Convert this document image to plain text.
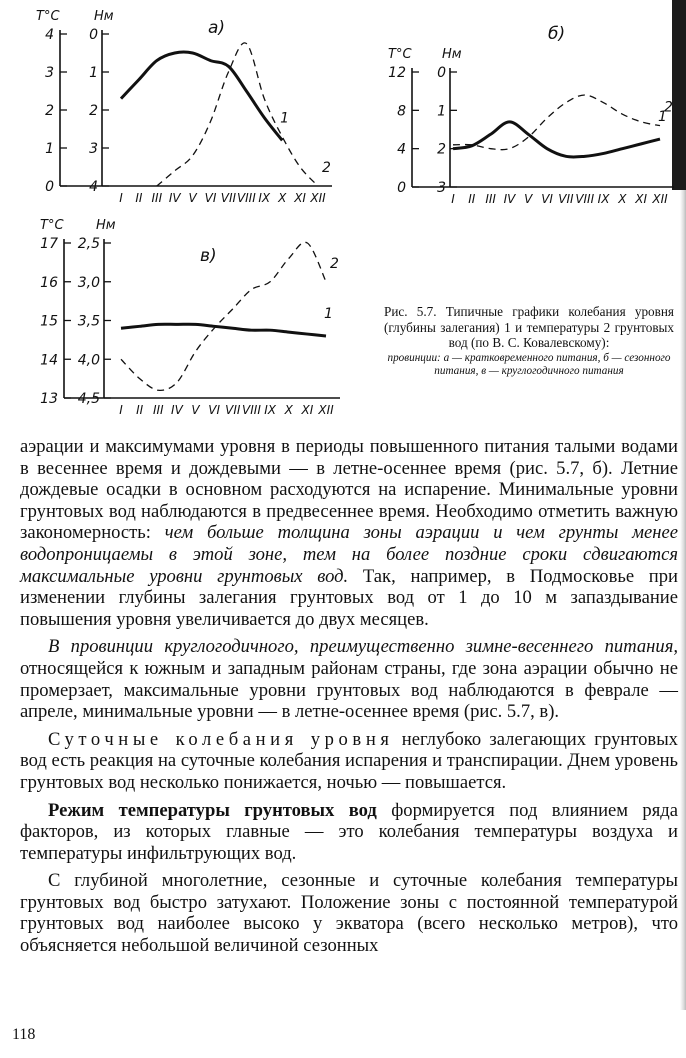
а)
T°C	Нм
4
3
2
1
0
0
1
2
3
4
I II III IV V VI VII VIII IX X XI XII
1
2
б)
T°C Нм
12
8
4
0
0
1
2
3
I II III IV V VI VII VIII IX X XI XII
1
2
в)
T°C Нм
17
16
15
14
13
2,5
3,0
3,5
4,0
4,5
I II III IV V VI VII VIII IX X XI XII
1
2
Рис. 5.7. Типичные графики колебания уровня (глубины залегания) 1 и температуры 2 грунтовых вод (по В. С. Ковалевскому):
провинции: а — кратковременного питания, б — сезонного питания, в — круглогодичного питания

аэрации и максимумами уровня в периоды повышенного питания талыми водами в весеннее время и дождевыми — в летне-осеннее время (рис. 5.7, б). Летние дождевые осадки в основном расходуются на испарение. Минимальные уровни грунтовых вод наблюдаются в предвесеннее время. Необходимо отметить важную закономерность: чем больше толщина зоны аэрации и чем грунты менее водопроницаемы в этой зоне, тем на более поздние сроки сдвигаются максимальные уровни грунтовых вод. Так, например, в Подмосковье при изменении глубины залегания грунтовых вод от 1 до 10 м запаздывание повышения уровня увеличивается до двух месяцев.

В провинции круглогодичного, преимущественно зимне-весеннего питания, относящейся к южным и западным районам страны, где зона аэрации обычно не промерзает, максимальные уровни грунтовых вод наблюдаются в феврале — апреле, минимальные уровни — в летне-осеннее время (рис. 5.7, в).

Суточные колебания уровня неглубоко залегающих грунтовых вод есть реакция на суточные колебания испарения и транспирации. Днем уровень грунтовых вод несколько понижается, ночью — повышается.

Режим температуры грунтовых вод формируется под влиянием ряда факторов, из которых главные — это колебания температуры воздуха и температуры инфильтрующих вод.

С глубиной многолетние, сезонные и суточные колебания температуры грунтовых вод быстро затухают. Положение зоны с постоянной температурой грунтовых вод наиболее высоко у экватора (всего несколько метров), что объясняется небольшой величиной сезонных

118
